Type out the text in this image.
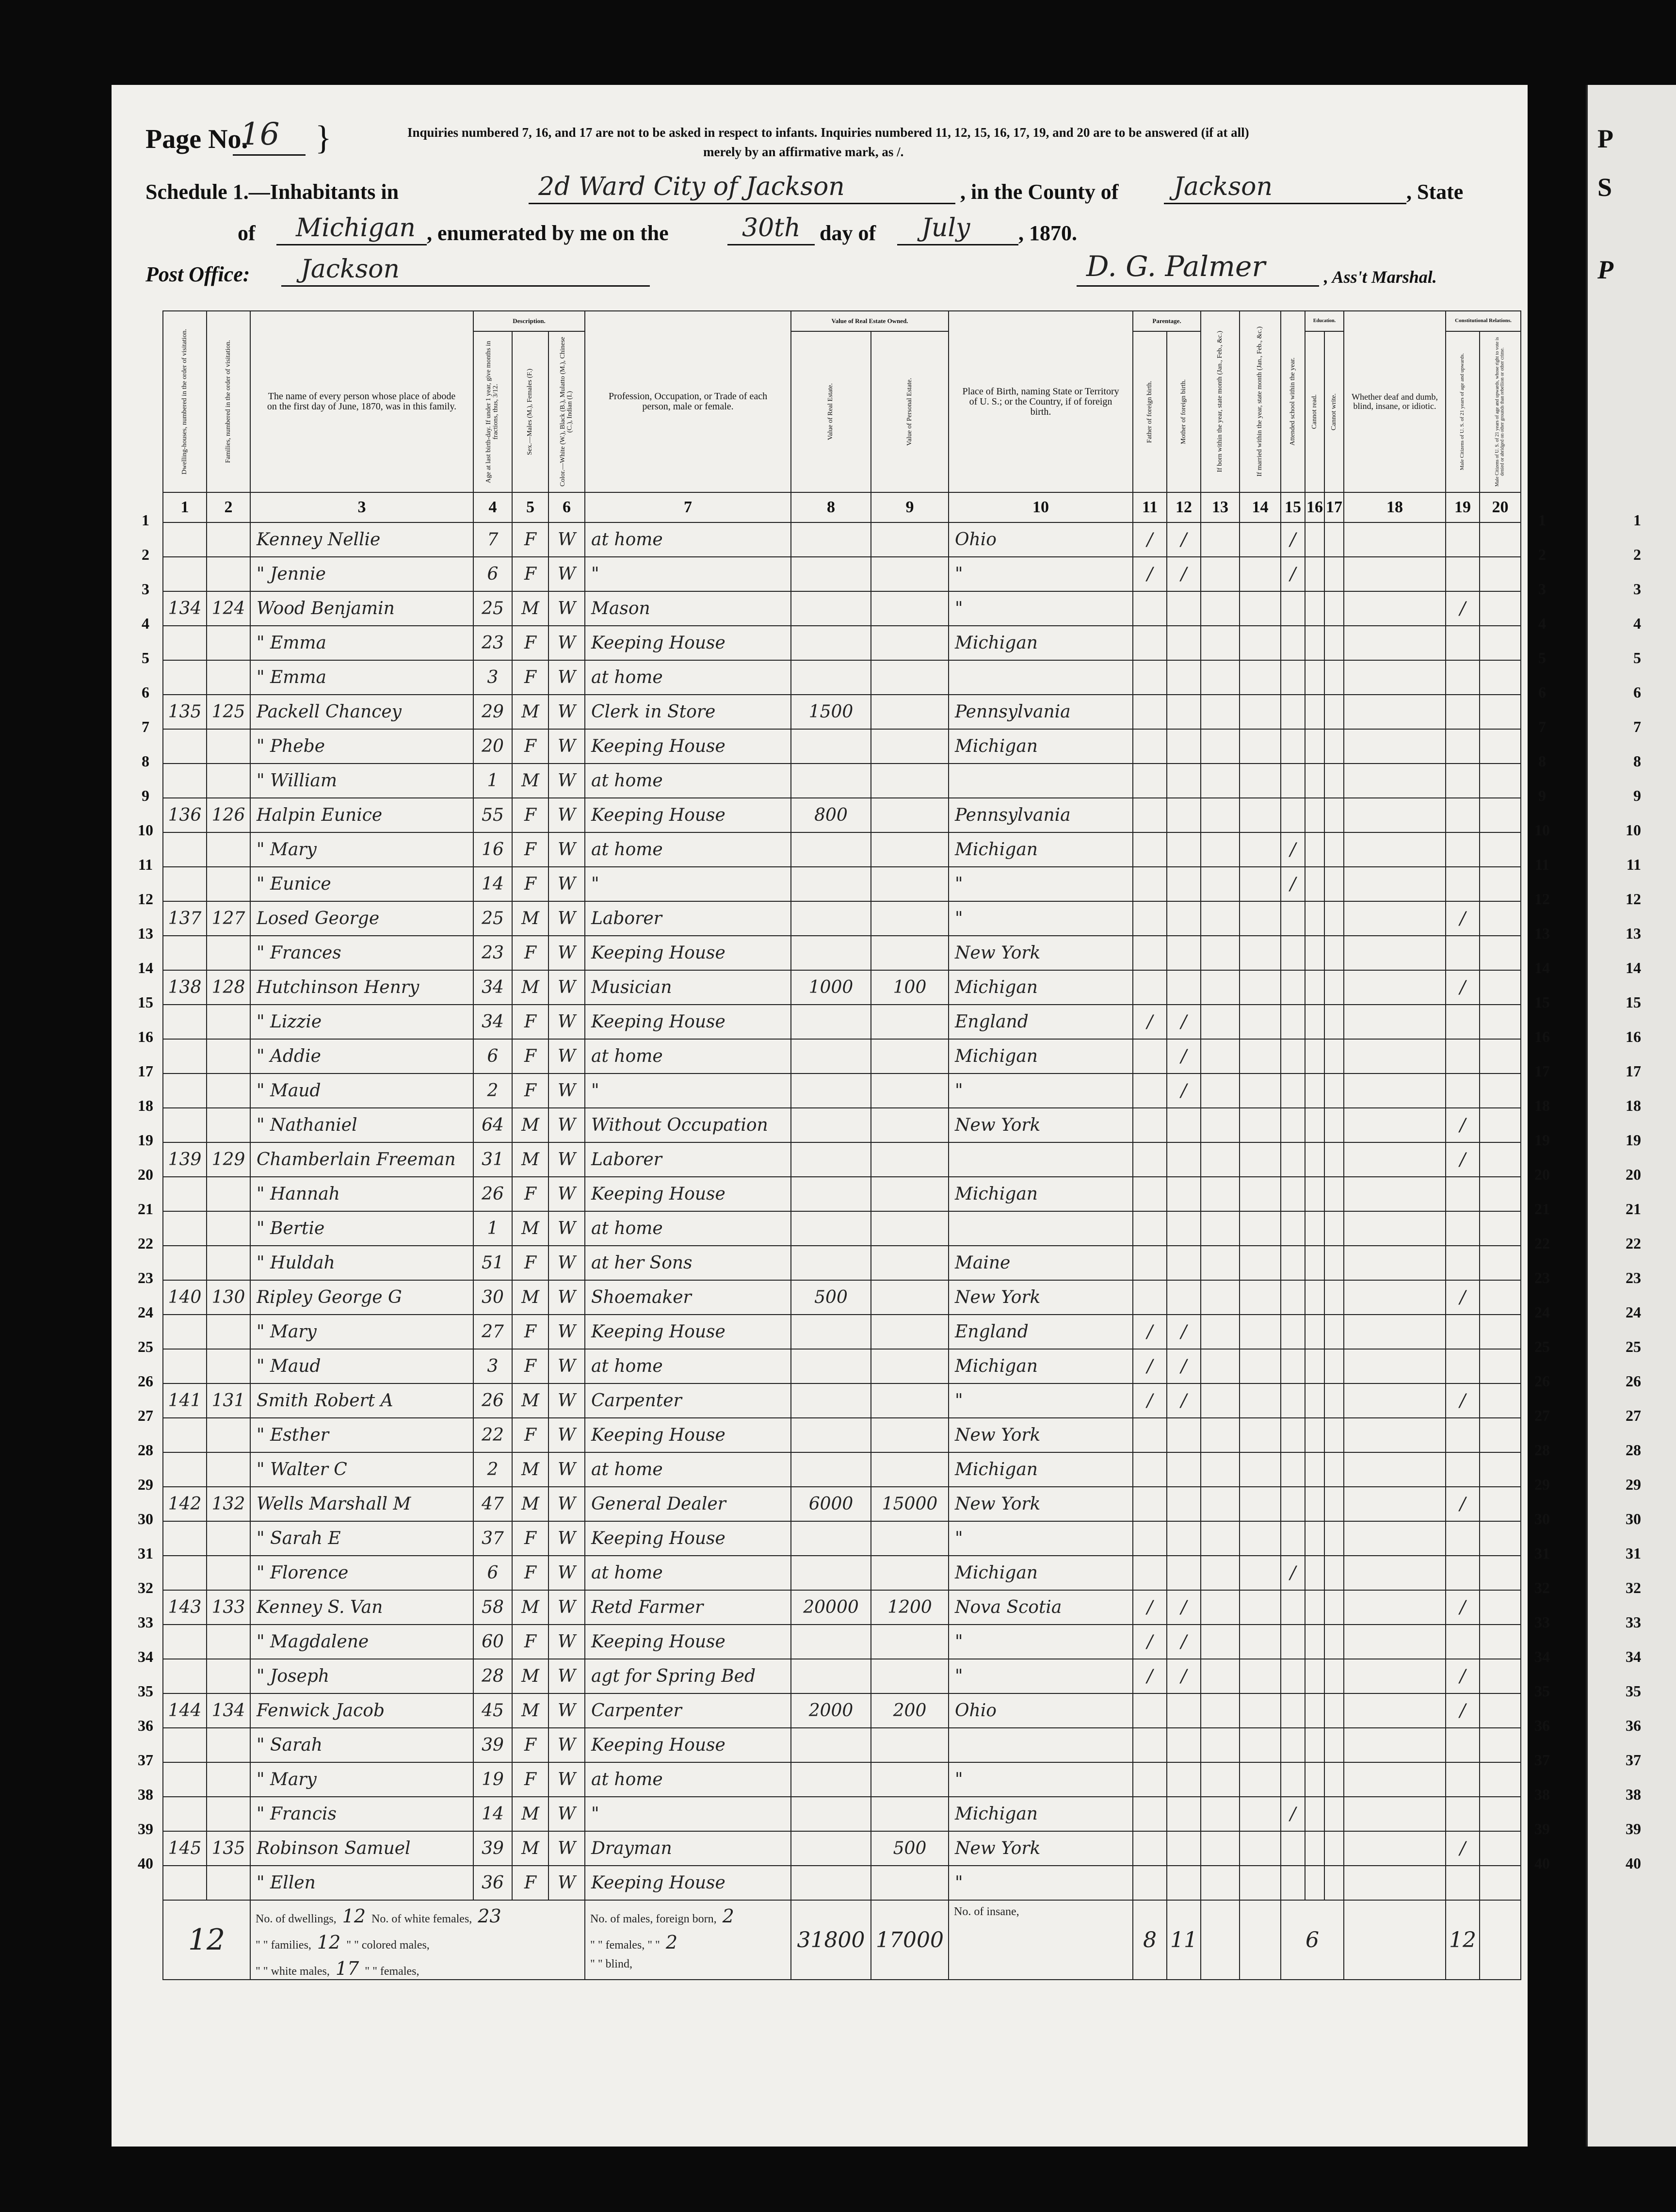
P
S
P
1
2
3
4
5
6
7
8
9
10
11
12
13
14
15
16
17
18
19
20
21
22
23
24
25
26
27
28
29
30
31
32
33
34
35
36
37
38
39
40
Page No.
16 }	Inquiries numbered 7, 16, and 17 are not to be asked in respect to infants. Inquiries numbered 11, 12, 15, 16, 17, 19, and 20 are to be answered (if at all)
merely by an affirmative mark, as /.
Schedule 1.—Inhabitants in	2d Ward City of Jackson	, in the County of Jackson	, State
of Michigan , enumerated by me on the	30th day of July , 1870.
Post Office: Jackson	D. G. Palmer	, Ass't Marshal.
1
2
3
4
5
6
7
8
9
10
11
12
13
14
15
16
17
18
19
20
21
22
23
24
25
26
27
28
29
30
31
32
33
34
35
36
37
38
39
40
1
2
3
4
5
6
7
8
9
10
11
12
13
14
15
16
17
18
19
20
21
22
23
24
25
26
27
28
29
30
31
32
33
34
35
36
37
38
39
40
Dwelling-houses, numbered in the order of visitation.	Families, numbered in the order of visitation.	The name of every person whose place of abode on the first day of June, 1870, was in this family.	Description.			Profession, Occupation, or Trade of each person, male or female.	Value of Real Estate Owned.		Place of Birth, naming State or Territory of U. S.; or the Country, if of foreign birth.	Parentage.		If born within the year, state month (Jan., Feb., &c.)	If married within the year, state month (Jan., Feb., &c.)	Attended school within the year.	Education.		Whether deaf and dumb, blind, insane, or idiotic.	Constitutional Relations.	

			Age at last birth-day. If under 1 year, give months in fractions, thus, 3/12.	Sex.—Males (M.), Females (F.)	Color.—White (W.), Black (B.), Mulatto (M.), Chinese (C.), Indian (I.)		Value of Real Estate.	Value of Personal Estate.		Father of foreign birth.	Mother of foreign birth.				Cannot read.	Cannot write.		Male Citizens of U. S. of 21 years of age and upwards.	Male Citizens of U. S. of 21 years of age and upwards, whose right to vote is denied or abridged on other grounds than rebellion or other crime.

1	2	3	4	5	6	7	8	9	10	11	12	13	14	15	16	17	18	19	20
		Kenney Nellie	7	F	W	at home			Ohio	/	/			/					
		" Jennie	6	F	W	"			"	/	/			/					
134	124	Wood Benjamin	25	M	W	Mason			"									/	
		" Emma	23	F	W	Keeping House			Michigan										
		" Emma	3	F	W	at home													
135	125	Packell Chancey	29	M	W	Clerk in Store	1500		Pennsylvania										
		" Phebe	20	F	W	Keeping House			Michigan										
		" William	1	M	W	at home													
136	126	Halpin Eunice	55	F	W	Keeping House	800		Pennsylvania										
		" Mary	16	F	W	at home			Michigan					/					
		" Eunice	14	F	W	"			"					/					
137	127	Losed George	25	M	W	Laborer			"									/	
		" Frances	23	F	W	Keeping House			New York										
138	128	Hutchinson Henry	34	M	W	Musician	1000	100	Michigan									/	
		" Lizzie	34	F	W	Keeping House			England	/	/								
		" Addie	6	F	W	at home			Michigan		/								
		" Maud	2	F	W	"			"		/								
		" Nathaniel	64	M	W	Without Occupation			New York									/	
139	129	Chamberlain Freeman	31	M	W	Laborer												/	
		" Hannah	26	F	W	Keeping House			Michigan										
		" Bertie	1	M	W	at home													
		" Huldah	51	F	W	at her Sons			Maine										
140	130	Ripley George G	30	M	W	Shoemaker	500		New York									/	
		" Mary	27	F	W	Keeping House			England	/	/								
		" Maud	3	F	W	at home			Michigan	/	/								
141	131	Smith Robert A	26	M	W	Carpenter			"	/	/							/	
		" Esther	22	F	W	Keeping House			New York										
		" Walter C	2	M	W	at home			Michigan										
142	132	Wells Marshall M	47	M	W	General Dealer	6000	15000	New York									/	
		" Sarah E	37	F	W	Keeping House			"										
		" Florence	6	F	W	at home			Michigan					/					
143	133	Kenney S. Van	58	M	W	Retd Farmer	20000	1200	Nova Scotia	/	/							/	
		" Magdalene	60	F	W	Keeping House			"	/	/								
		" Joseph	28	M	W	agt for Spring Bed			"	/	/							/	
144	134	Fenwick Jacob	45	M	W	Carpenter	2000	200	Ohio									/	
		" Sarah	39	F	W	Keeping House													
		" Mary	19	F	W	at home			"										
		" Francis	14	M	W	"			Michigan					/					
145	135	Robinson Samuel	39	M	W	Drayman		500	New York									/	
		" Ellen	36	F	W	Keeping House			"										
12		No. of dwellings, 12 No. of white females, 23
" " families, 12 " " colored males,
" " white males, 17 " " females,				No. of males, foreign born, 2
" " females, " " 2
" " blind,	31800	17000	No. of insane,	8	11			6				12	
